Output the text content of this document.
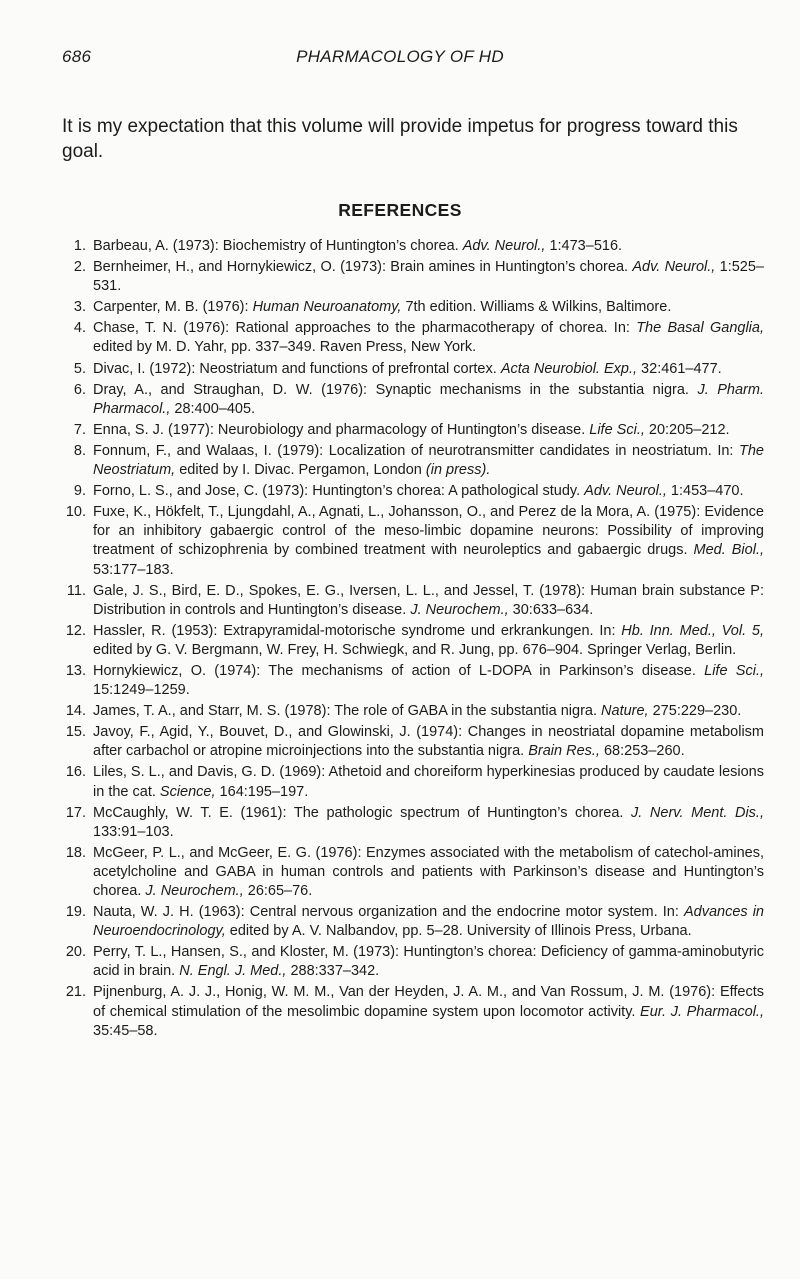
686	PHARMACOLOGY OF HD

It is my expectation that this volume will provide impetus for progress toward this goal.

REFERENCES
1. Barbeau, A. (1973): Biochemistry of Huntington’s chorea. Adv. Neurol., 1:473–516.
2. Bernheimer, H., and Hornykiewicz, O. (1973): Brain amines in Huntington’s chorea. Adv. Neurol., 1:525–531.
3. Carpenter, M. B. (1976): Human Neuroanatomy, 7th edition. Williams & Wilkins, Baltimore.
4. Chase, T. N. (1976): Rational approaches to the pharmacotherapy of chorea. In: The Basal Ganglia, edited by M. D. Yahr, pp. 337–349. Raven Press, New York.
5. Divac, I. (1972): Neostriatum and functions of prefrontal cortex. Acta Neurobiol. Exp., 32:461–477.
6. Dray, A., and Straughan, D. W. (1976): Synaptic mechanisms in the substantia nigra. J. Pharm. Pharmacol., 28:400–405.
7. Enna, S. J. (1977): Neurobiology and pharmacology of Huntington’s disease. Life Sci., 20:205–212.
8. Fonnum, F., and Walaas, I. (1979): Localization of neurotransmitter candidates in neostriatum. In: The Neostriatum, edited by I. Divac. Pergamon, London (in press).
9. Forno, L. S., and Jose, C. (1973): Huntington’s chorea: A pathological study. Adv. Neurol., 1:453–470.
10. Fuxe, K., Hökfelt, T., Ljungdahl, A., Agnati, L., Johansson, O., and Perez de la Mora, A. (1975): Evidence for an inhibitory gabaergic control of the meso-limbic dopamine neurons: Possibility of improving treatment of schizophrenia by combined treatment with neuroleptics and gabaergic drugs. Med. Biol., 53:177–183.
11. Gale, J. S., Bird, E. D., Spokes, E. G., Iversen, L. L., and Jessel, T. (1978): Human brain substance P: Distribution in controls and Huntington’s disease. J. Neurochem., 30:633–634.
12. Hassler, R. (1953): Extrapyramidal-motorische syndrome und erkrankungen. In: Hb. Inn. Med., Vol. 5, edited by G. V. Bergmann, W. Frey, H. Schwiegk, and R. Jung, pp. 676–904. Springer Verlag, Berlin.
13. Hornykiewicz, O. (1974): The mechanisms of action of L-DOPA in Parkinson’s disease. Life Sci., 15:1249–1259.
14. James, T. A., and Starr, M. S. (1978): The role of GABA in the substantia nigra. Nature, 275:229–230.
15. Javoy, F., Agid, Y., Bouvet, D., and Glowinski, J. (1974): Changes in neostriatal dopamine metabolism after carbachol or atropine microinjections into the substantia nigra. Brain Res., 68:253–260.
16. Liles, S. L., and Davis, G. D. (1969): Athetoid and choreiform hyperkinesias produced by caudate lesions in the cat. Science, 164:195–197.
17. McCaughly, W. T. E. (1961): The pathologic spectrum of Huntington’s chorea. J. Nerv. Ment. Dis., 133:91–103.
18. McGeer, P. L., and McGeer, E. G. (1976): Enzymes associated with the metabolism of catechol-amines, acetylcholine and GABA in human controls and patients with Parkinson’s disease and Huntington’s chorea. J. Neurochem., 26:65–76.
19. Nauta, W. J. H. (1963): Central nervous organization and the endocrine motor system. In: Advances in Neuroendocrinology, edited by A. V. Nalbandov, pp. 5–28. University of Illinois Press, Urbana.
20. Perry, T. L., Hansen, S., and Kloster, M. (1973): Huntington’s chorea: Deficiency of gamma-aminobutyric acid in brain. N. Engl. J. Med., 288:337–342.
21. Pijnenburg, A. J. J., Honig, W. M. M., Van der Heyden, J. A. M., and Van Rossum, J. M. (1976): Effects of chemical stimulation of the mesolimbic dopamine system upon locomotor activity. Eur. J. Pharmacol., 35:45–58.
